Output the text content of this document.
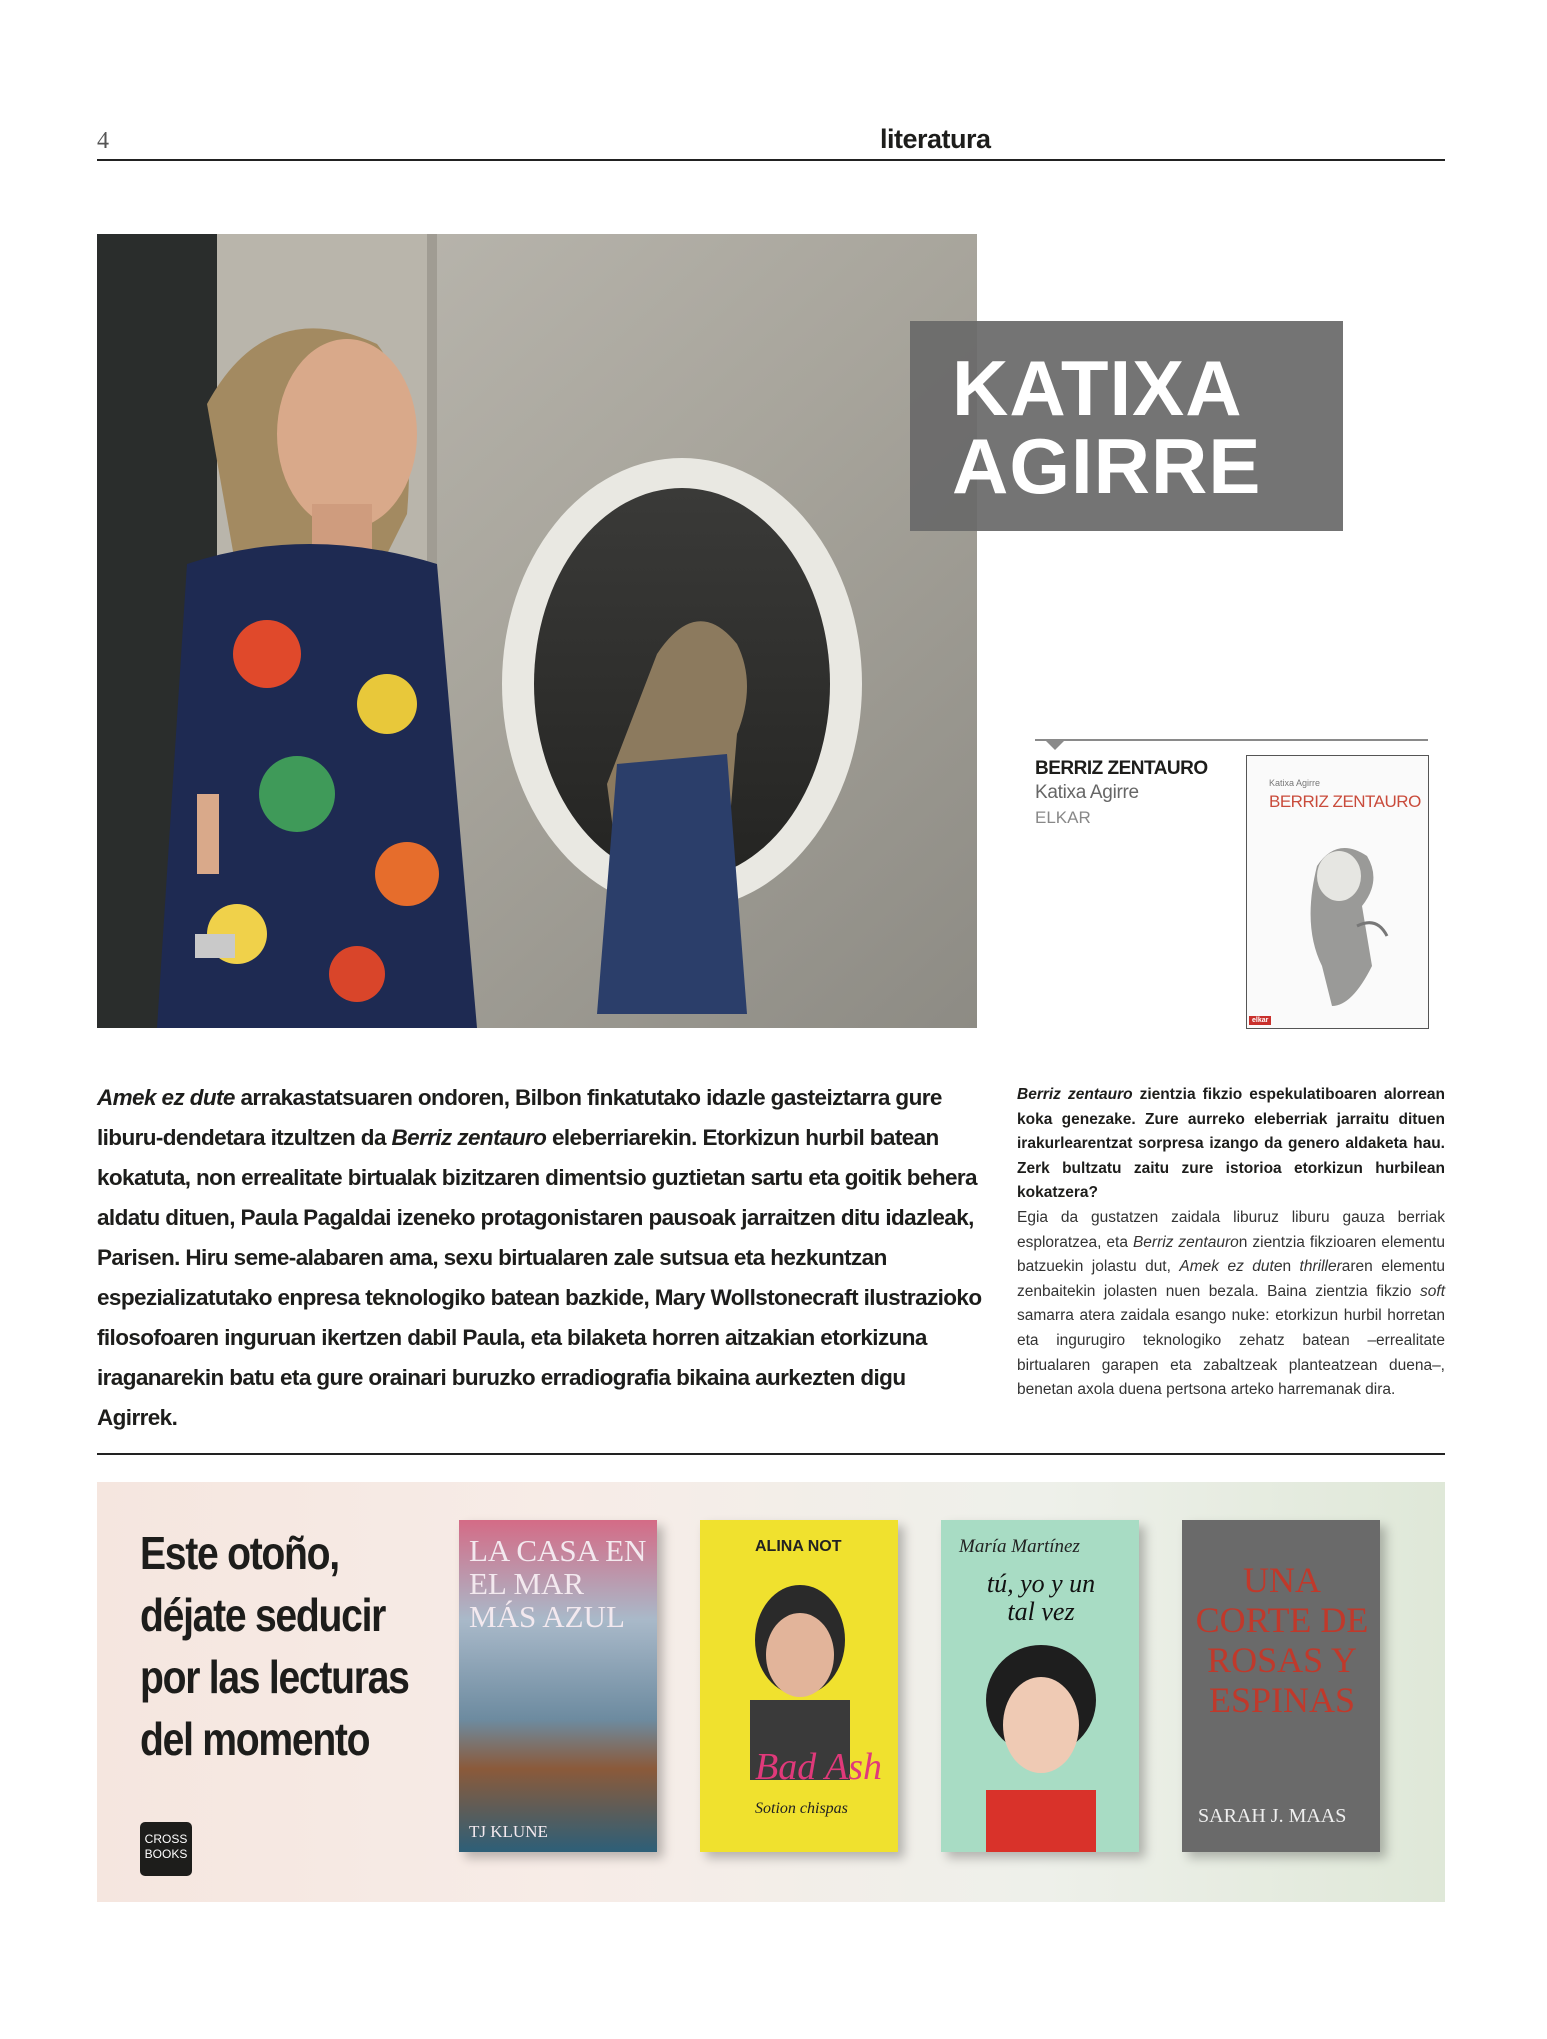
4	literatura
KATIXA
AGIRRE
BERRIZ ZENTAURO
Katixa Agirre
ELKAR
Katixa Agirre
BERRIZ ZENTAURO
elkar
Amek ez dute arrakastatsuaren ondoren, Bilbon finkatutako idazle gasteiztarra gure liburu-dendetara itzultzen da Berriz zentauro eleberriarekin. Etorkizun hurbil batean kokatuta, non errealitate birtualak bizitzaren dimentsio guztietan sartu eta goitik behera aldatu dituen, Paula Pagaldai izeneko protagonistaren pausoak jarraitzen ditu idazleak, Parisen. Hiru seme-alabaren ama, sexu birtualaren zale sutsua eta hezkuntzan espezializatutako enpresa teknologiko batean bazkide, Mary Wollstonecraft ilustrazioko filosofoaren inguruan ikertzen dabil Paula, eta bilaketa horren aitzakian etorkizuna iraganarekin batu eta gure orainari buruzko erradiografia bikaina aurkezten digu Agirrek.
Berriz zentauro zientzia fikzio espekulatiboaren alorrean koka genezake. Zure aurreko eleberriak jarraitu dituen irakurlearentzat sorpresa izango da genero aldaketa hau. Zerk bultzatu zaitu zure istorioa etorkizun hurbilean kokatzera?
Egia da gustatzen zaidala liburuz liburu gauza berriak esploratzea, eta Berriz zentauron zientzia fikzioaren elementu batzuekin jolastu dut, Amek ez duten thrilleraren elementu zenbaitekin jolasten nuen bezala. Baina zientzia fikzio soft samarra atera zaidala esango nuke: etorkizun hurbil horretan eta ingurugiro teknologiko zehatz batean –errealitate birtualaren garapen eta zabaltzeak planteatzean duena–, benetan axola duena pertsona arteko harremanak dira.
Este otoño,
déjate seducir
por las lecturas
del momento
CROSS
BOOKS
LA CASA EN EL MAR MÁS AZUL
TJ KLUNE
ALINA NOT
Bad Ash
Sotion chispas
María Martínez
tú, yo y un tal vez
UNA CORTE DE ROSAS Y ESPINAS
SARAH J. MAAS
